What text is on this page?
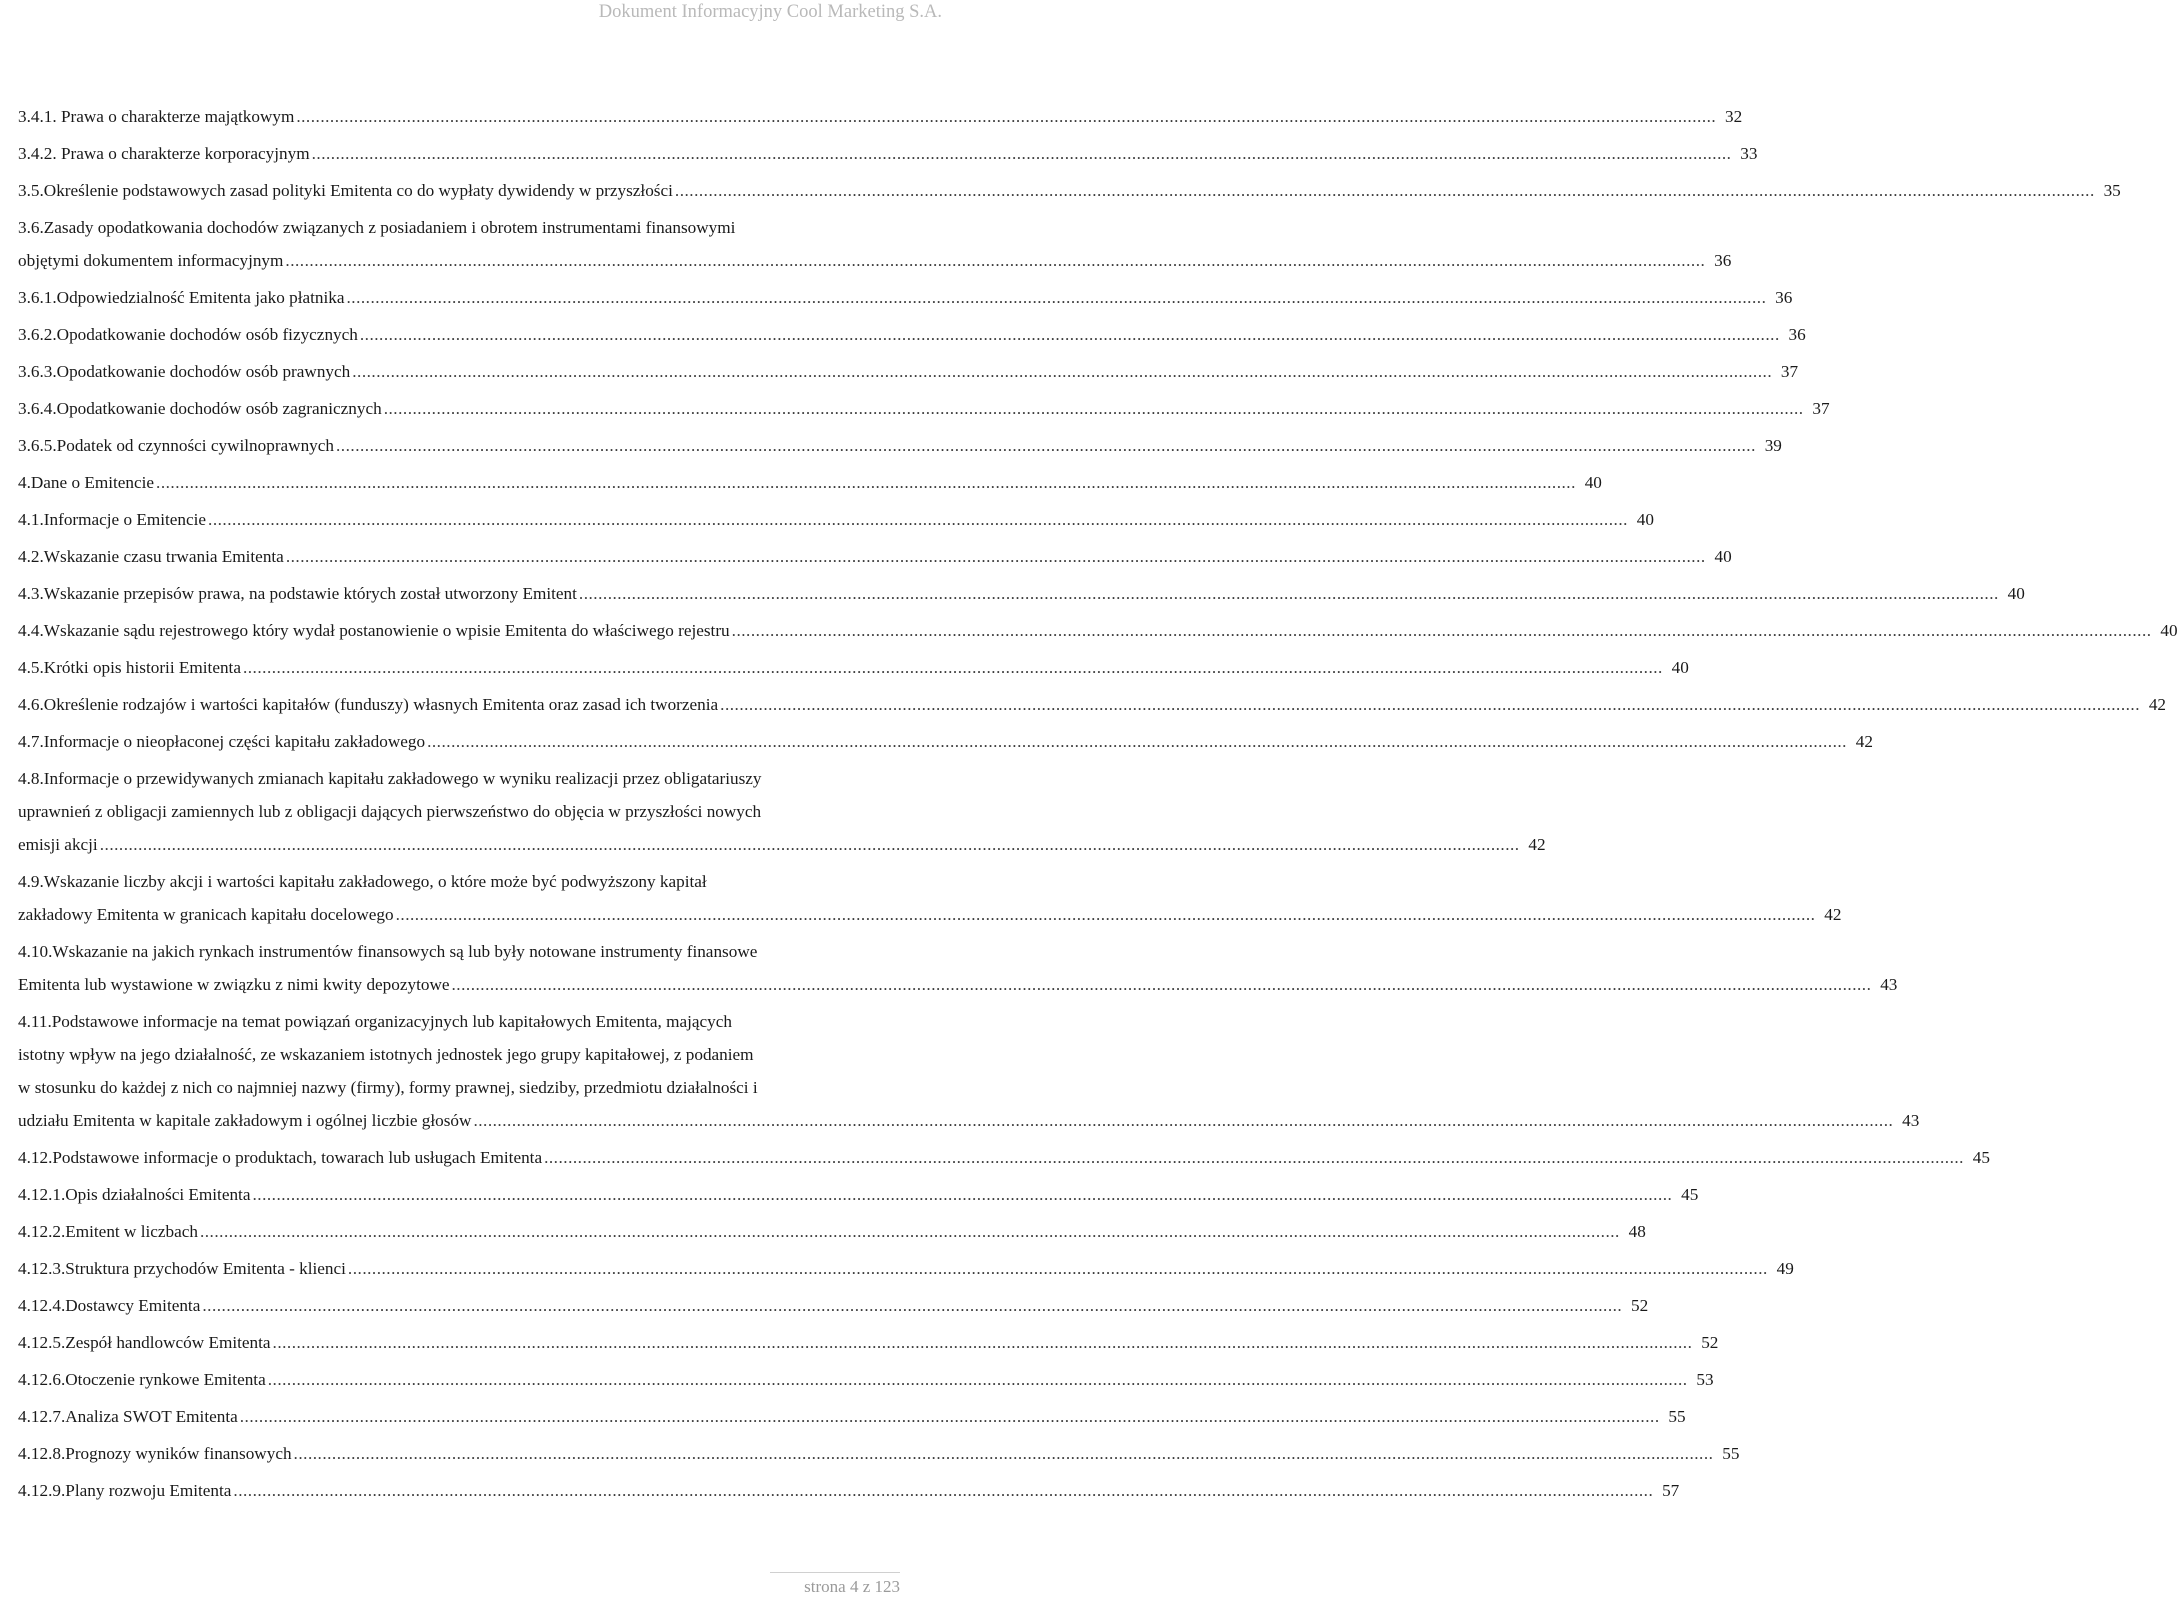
Dokument Informacyjny Cool Marketing S.A.
3.4.1. Prawa o charakterze majątkowym .....	32
3.4.2. Prawa o charakterze korporacyjnym .....	33
3.5.Określenie podstawowych zasad polityki Emitenta co do wypłaty dywidendy w przyszłości .....	35
3.6.Zasady opodatkowania dochodów związanych z posiadaniem i obrotem instrumentami finansowymi
objętymi dokumentem informacyjnym .....	36
3.6.1.Odpowiedzialność Emitenta jako płatnika .....	36
3.6.2.Opodatkowanie dochodów osób fizycznych .....	36
3.6.3.Opodatkowanie dochodów osób prawnych .....	37
3.6.4.Opodatkowanie dochodów osób zagranicznych .....	37
3.6.5.Podatek od czynności cywilnoprawnych .....	39
4.Dane o Emitencie .....	40
4.1.Informacje o Emitencie .....	40
4.2.Wskazanie czasu trwania Emitenta .....	40
4.3.Wskazanie przepisów prawa, na podstawie których został utworzony Emitent .....	40
4.4.Wskazanie sądu rejestrowego który wydał postanowienie o wpisie Emitenta do właściwego rejestru .....	40
4.5.Krótki opis historii Emitenta .....	40
4.6.Określenie rodzajów i wartości kapitałów (funduszy) własnych Emitenta oraz zasad ich tworzenia .....	42
4.7.Informacje o nieopłaconej części kapitału zakładowego .....	42
4.8.Informacje o przewidywanych zmianach kapitału zakładowego w wyniku realizacji przez obligatariuszy
uprawnień z obligacji zamiennych lub z obligacji dających pierwszeństwo do objęcia w przyszłości nowych
emisji akcji .....	42
4.9.Wskazanie liczby akcji i wartości kapitału zakładowego, o które może być podwyższony kapitał
zakładowy Emitenta w granicach kapitału docelowego .....	42
4.10.Wskazanie na jakich rynkach instrumentów finansowych są lub były notowane instrumenty finansowe
Emitenta lub wystawione w związku z nimi kwity depozytowe .....	43
4.11.Podstawowe informacje na temat powiązań organizacyjnych lub kapitałowych Emitenta, mających
istotny wpływ na jego działalność, ze wskazaniem istotnych jednostek jego grupy kapitałowej, z podaniem
w stosunku do każdej z nich co najmniej nazwy (firmy), formy prawnej, siedziby, przedmiotu działalności i
udziału Emitenta w kapitale zakładowym i ogólnej liczbie głosów .....	43
4.12.Podstawowe informacje o produktach, towarach lub usługach Emitenta .....	45
4.12.1.Opis działalności Emitenta .....	45
4.12.2.Emitent w liczbach .....	48
4.12.3.Struktura przychodów Emitenta - klienci .....	49
4.12.4.Dostawcy Emitenta .....	52
4.12.5.Zespół handlowców Emitenta .....	52
4.12.6.Otoczenie rynkowe Emitenta .....	53
4.12.7.Analiza SWOT Emitenta .....	55
4.12.8.Prognozy wyników finansowych .....	55
4.12.9.Plany rozwoju Emitenta .....	57
strona 4 z 123
